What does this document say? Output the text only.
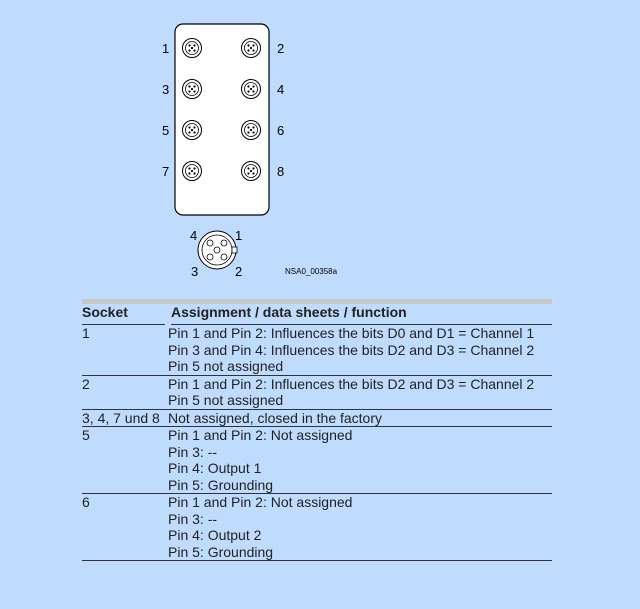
1	2
3	4
5	6
7	8
4	1
3	2	NSA0_00358a

Socket	Assignment / data sheets / function
1	Pin 1 and Pin 2: Influences the bits D0 and D1 = Channel 1
Pin 3 and Pin 4: Influences the bits D2 and D3 = Channel 2
Pin 5 not assigned

2	Pin 1 and Pin 2: Influences the bits D2 and D3 = Channel 2
Pin 5 not assigned

3, 4, 7 und 8	Not assigned, closed in the factory

5	Pin 1 and Pin 2: Not assigned
Pin 3: --
Pin 4: Output 1
Pin 5: Grounding

6	Pin 1 and Pin 2: Not assigned
Pin 3: --
Pin 4: Output 2
Pin 5: Grounding
